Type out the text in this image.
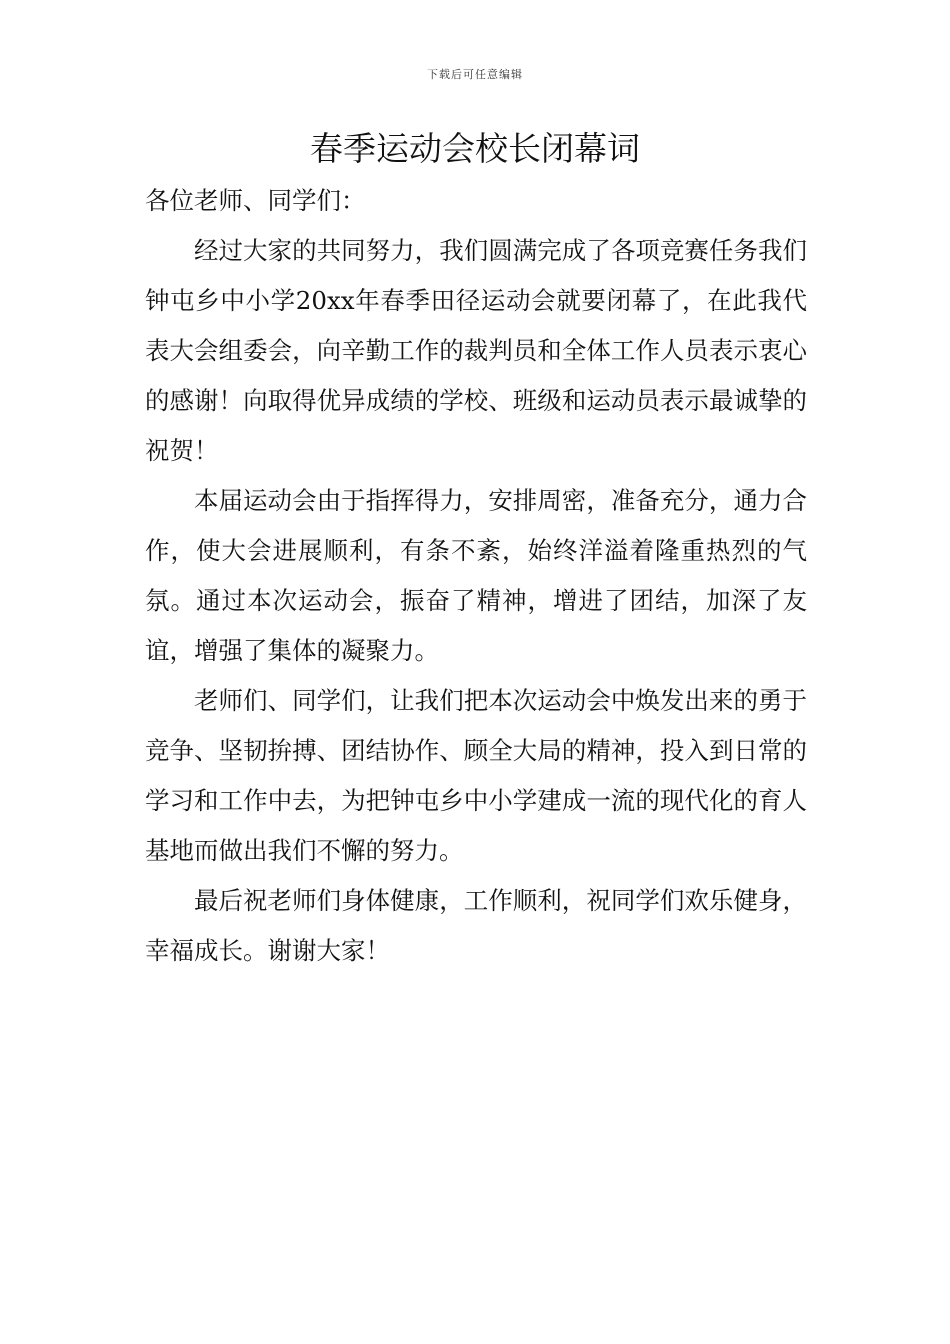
下载后可任意编辑
春季运动会校长闭幕词

各位老师、同学们：

经过大家的共同努力，我们圆满完成了各项竞赛任务我们钟屯乡中小学20xx年春季田径运动会就要闭幕了，在此我代表大会组委会，向辛勤工作的裁判员和全体工作人员表示衷心的感谢！向取得优异成绩的学校、班级和运动员表示最诚挚的祝贺！

本届运动会由于指挥得力，安排周密，准备充分，通力合作，使大会进展顺利，有条不紊，始终洋溢着隆重热烈的气氛。通过本次运动会，振奋了精神，增进了团结，加深了友谊，增强了集体的凝聚力。

老师们、同学们，让我们把本次运动会中焕发出来的勇于竞争、坚韧拚搏、团结协作、顾全大局的精神，投入到日常的学习和工作中去，为把钟屯乡中小学建成一流的现代化的育人基地而做出我们不懈的努力。

最后祝老师们身体健康，工作顺利，祝同学们欢乐健身，幸福成长。谢谢大家！
